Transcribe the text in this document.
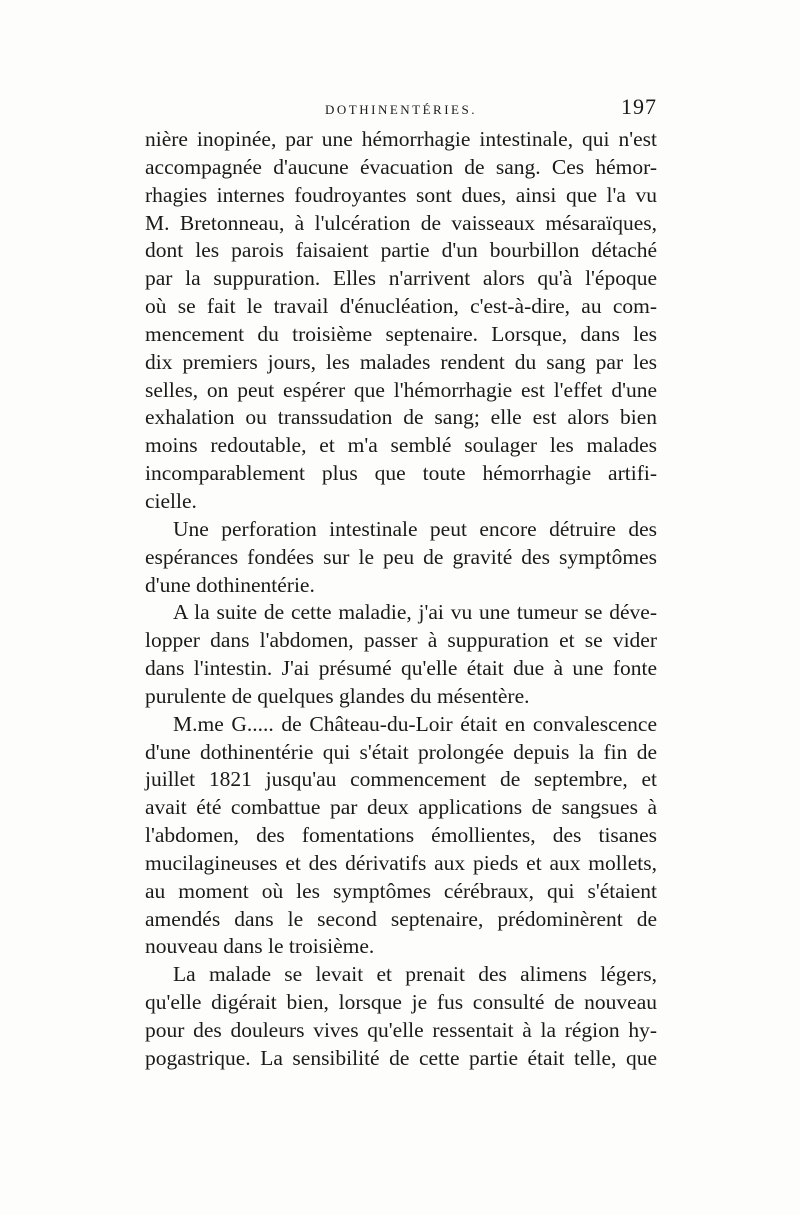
DOTHINENTÉRIES.	197
nière inopinée, par une hémorrhagie intestinale, qui n'est
accompagnée d'aucune évacuation de sang. Ces hémor-
rhagies internes foudroyantes sont dues, ainsi que l'a vu
M. Bretonneau, à l'ulcération de vaisseaux mésaraïques,
dont les parois faisaient partie d'un bourbillon détaché
par la suppuration. Elles n'arrivent alors qu'à l'époque
où se fait le travail d'énucléation, c'est-à-dire, au com-
mencement du troisième septenaire. Lorsque, dans les
dix premiers jours, les malades rendent du sang par les
selles, on peut espérer que l'hémorrhagie est l'effet d'une
exhalation ou transsudation de sang; elle est alors bien
moins redoutable, et m'a semblé soulager les malades
incomparablement plus que toute hémorrhagie artifi-
cielle.
Une perforation intestinale peut encore détruire des
espérances fondées sur le peu de gravité des symptômes
d'une dothinentérie.
A la suite de cette maladie, j'ai vu une tumeur se déve-
lopper dans l'abdomen, passer à suppuration et se vider
dans l'intestin. J'ai présumé qu'elle était due à une fonte
purulente de quelques glandes du mésentère.
M.me G..... de Château-du-Loir était en convalescence
d'une dothinentérie qui s'était prolongée depuis la fin de
juillet 1821 jusqu'au commencement de septembre, et
avait été combattue par deux applications de sangsues à
l'abdomen, des fomentations émollientes, des tisanes
mucilagineuses et des dérivatifs aux pieds et aux mollets,
au moment où les symptômes cérébraux, qui s'étaient
amendés dans le second septenaire, prédominèrent de
nouveau dans le troisième.
La malade se levait et prenait des alimens légers,
qu'elle digérait bien, lorsque je fus consulté de nouveau
pour des douleurs vives qu'elle ressentait à la région hy-
pogastrique. La sensibilité de cette partie était telle, que
